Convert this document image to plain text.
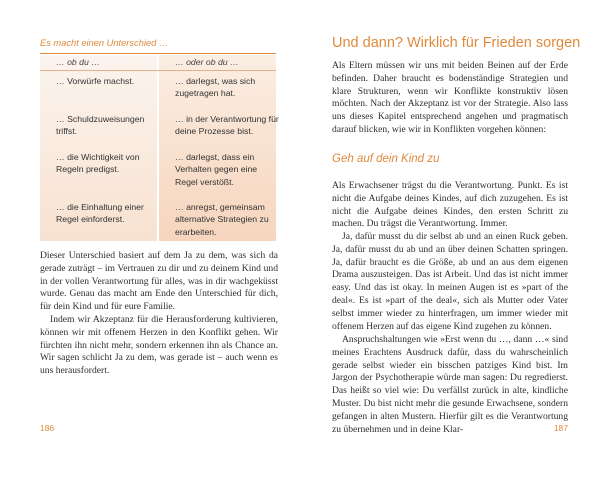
Es macht einen Unterschied …
… ob du …	… oder ob du …
… Vorwürfe machst.
… Schuldzuweisungen triffst.
… die Wichtigkeit von Regeln predigst.
… die Einhaltung einer Regel einforderst.
… darlegst, was sich zugetragen hat.
… in der Verantwortung für deine Prozesse bist.
… darlegst, dass ein Verhalten gegen eine Regel verstößt.
… anregst, gemeinsam alternative Strategien zu erarbeiten.
Dieser Unterschied basiert auf dem Ja zu dem, was sich da gerade zuträgt – im Vertrauen zu dir und zu deinem Kind und in der vollen Verantwortung für alles, was in dir wachgeküsst wurde. Genau das macht am Ende den Unterschied für dich, für dein Kind und für eure Familie.
Indem wir Akzeptanz für die Herausforderung kultivieren, können wir mit offenem Herzen in den Konflikt gehen. Wir fürchten ihn nicht mehr, sondern erkennen ihn als Chance an. Wir sagen schlicht Ja zu dem, was gerade ist – auch wenn es uns herausfordert.
186
Und dann? Wirklich für Frieden sorgen
Als Eltern müssen wir uns mit beiden Beinen auf der Erde befinden. Daher braucht es bodenständige Strategien und klare Strukturen, wenn wir Konflikte konstruktiv lösen möchten. Nach der Akzeptanz ist vor der Strategie. Also lass uns dieses Kapitel entsprechend angehen und pragmatisch darauf blicken, wie wir in Konflikten vorgehen können:
Geh auf dein Kind zu
Als Erwachsener trägst du die Verantwortung. Punkt. Es ist nicht die Aufgabe deines Kindes, auf dich zuzugehen. Es ist nicht die Aufgabe deines Kindes, den ersten Schritt zu machen. Du trägst die Verantwortung. Immer.
Ja, dafür musst du dir selbst ab und an einen Ruck geben. Ja, dafür musst du ab und an über deinen Schatten springen. Ja, dafür braucht es die Größe, ab und an aus dem eigenen Drama auszusteigen. Das ist Arbeit. Und das ist nicht immer easy. Und das ist okay. In meinen Augen ist es »part of the deal«. Es ist »part of the deal«, sich als Mutter oder Vater selbst immer wieder zu hinterfragen, um immer wieder mit offenem Herzen auf das eigene Kind zugehen zu können.
Anspruchshaltungen wie »Erst wenn du …, dann …« sind meines Erachtens Ausdruck dafür, dass du wahrscheinlich gerade selbst wieder ein bisschen patziges Kind bist. Im Jargon der Psychotherapie würde man sagen: Du regredierst. Das heißt so viel wie: Du verfällst zurück in alte, kindliche Muster. Du bist nicht mehr die gesunde Erwachsene, sondern gefangen in alten Mustern. Hierfür gilt es die Verantwortung zu übernehmen und in deine Klar-	187
